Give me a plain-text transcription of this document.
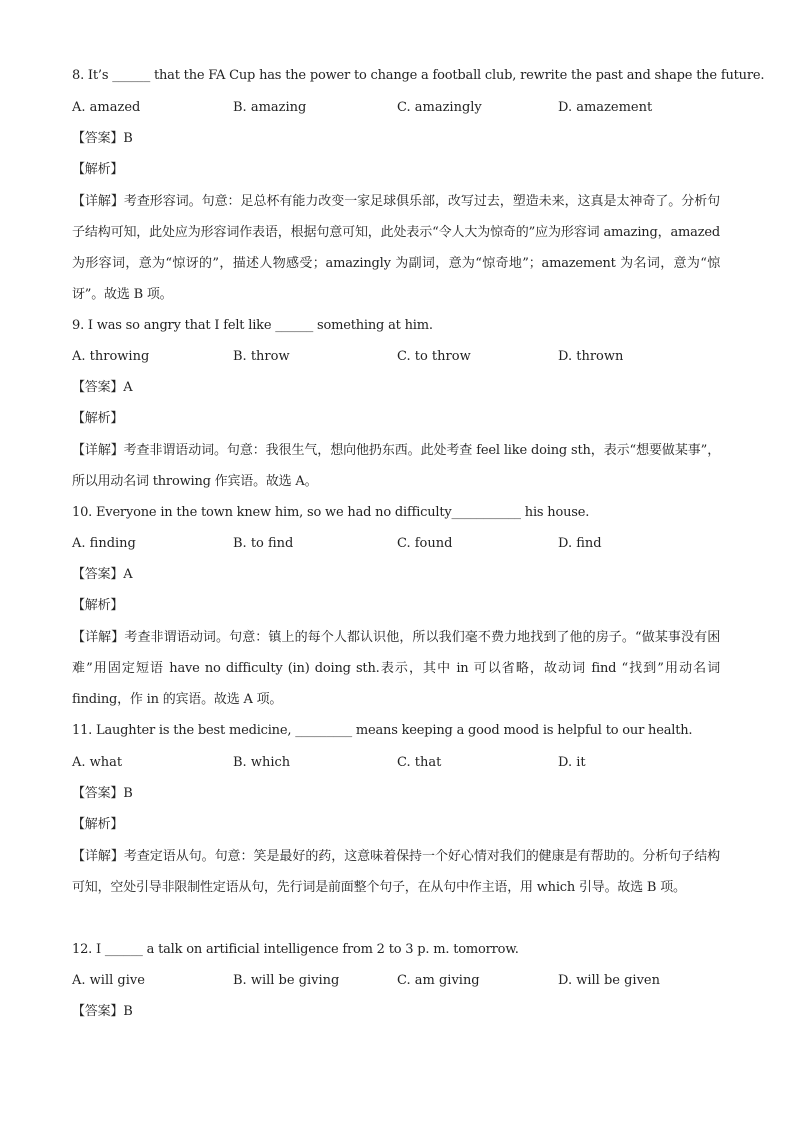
8. It’s ______ that the FA Cup has the power to change a football club, rewrite the past and shape the future.
A. amazed	B. amazing	C. amazingly	D. amazement
【答案】B
【解析】
【详解】考查形容词。句意：足总杯有能力改变一家足球俱乐部，改写过去，塑造未来，这真是太神奇了。分析句子结构可知，此处应为形容词作表语，根据句意可知，此处表示“令人大为惊奇的”应为形容词 amazing，amazed 为形容词，意为“惊讶的”，描述人物感受；amazingly 为副词，意为“惊奇地”；amazement 为名词，意为“惊讶”。故选 B 项。
9. I was so angry that I felt like ______ something at him.
A. throwing	B. throw	C. to throw	D. thrown
【答案】A
【解析】
【详解】考查非谓语动词。句意：我很生气，想向他扔东西。此处考查 feel like doing sth，表示“想要做某事”，所以用动名词 throwing 作宾语。故选 A。
10. Everyone in the town knew him, so we had no difficulty___________ his house.
A. finding	B. to find	C. found	D. find
【答案】A
【解析】
【详解】考查非谓语动词。句意：镇上的每个人都认识他，所以我们毫不费力地找到了他的房子。“做某事没有困难”用固定短语 have no difficulty (in) doing sth.表示，其中 in 可以省略，故动词 find “找到”用动名词 finding，作 in 的宾语。故选 A 项。
11. Laughter is the best medicine, _________ means keeping a good mood is helpful to our health.
A. what	B. which	C. that	D. it
【答案】B
【解析】
【详解】考查定语从句。句意：笑是最好的药，这意味着保持一个好心情对我们的健康是有帮助的。分析句子结构可知，空处引导非限制性定语从句，先行词是前面整个句子，在从句中作主语，用 which 引导。故选 B 项。
12. I ______ a talk on artificial intelligence from 2 to 3 p. m. tomorrow.
A. will give	B. will be giving	C. am giving	D. will be given
【答案】B
